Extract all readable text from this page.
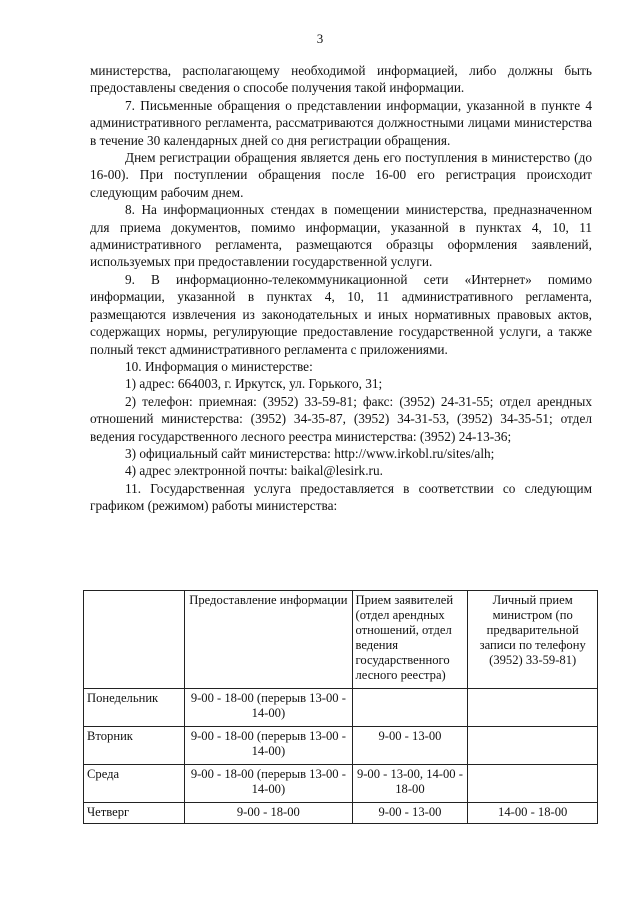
3

министерства, располагающему необходимой информацией, либо должны быть предоставлены сведения о способе получения такой информации.

7. Письменные обращения о представлении информации, указанной в пункте 4 административного регламента, рассматриваются должностными лицами министерства в течение 30 календарных дней со дня регистрации обращения.

Днем регистрации обращения является день его поступления в министерство (до 16-00). При поступлении обращения после 16-00 его регистрация происходит следующим рабочим днем.

8. На информационных стендах в помещении министерства, предназначенном для приема документов, помимо информации, указанной в пунктах 4, 10, 11 административного регламента, размещаются образцы оформления заявлений, используемых при предоставлении государственной услуги.

9. В информационно-телекоммуникационной сети «Интернет» помимо информации, указанной в пунктах 4, 10, 11 административного регламента, размещаются извлечения из законодательных и иных нормативных правовых актов, содержащих нормы, регулирующие предоставление государственной услуги, а также полный текст административного регламента с приложениями.

10. Информация о министерстве:

1) адрес: 664003, г. Иркутск, ул. Горького, 31;

2) телефон: приемная: (3952) 33-59-81; факс: (3952) 24-31-55; отдел арендных отношений министерства: (3952) 34-35-87, (3952) 34-31-53, (3952) 34-35-51; отдел ведения государственного лесного реестра министерства: (3952) 24-13-36;

3) официальный сайт министерства: http://www.irkobl.ru/sites/alh;

4) адрес электронной почты: baikal@lesirk.ru.

11. Государственная услуга предоставляется в соответствии со следующим графиком (режимом) работы министерства:

	Предоставление информации	Прием заявителей (отдел арендных отношений, отдел ведения государственного лесного реестра)	Личный прием министром (по предварительной записи по телефону (3952) 33-59-81)
Понедельник	9-00 - 18-00 (перерыв 13-00 - 14-00)		
Вторник	9-00 - 18-00 (перерыв 13-00 - 14-00)	9-00 - 13-00	
Среда	9-00 - 18-00 (перерыв 13-00 - 14-00)	9-00 - 13-00, 14-00 - 18-00	
Четверг	9-00 - 18-00	9-00 - 13-00	14-00 - 18-00
